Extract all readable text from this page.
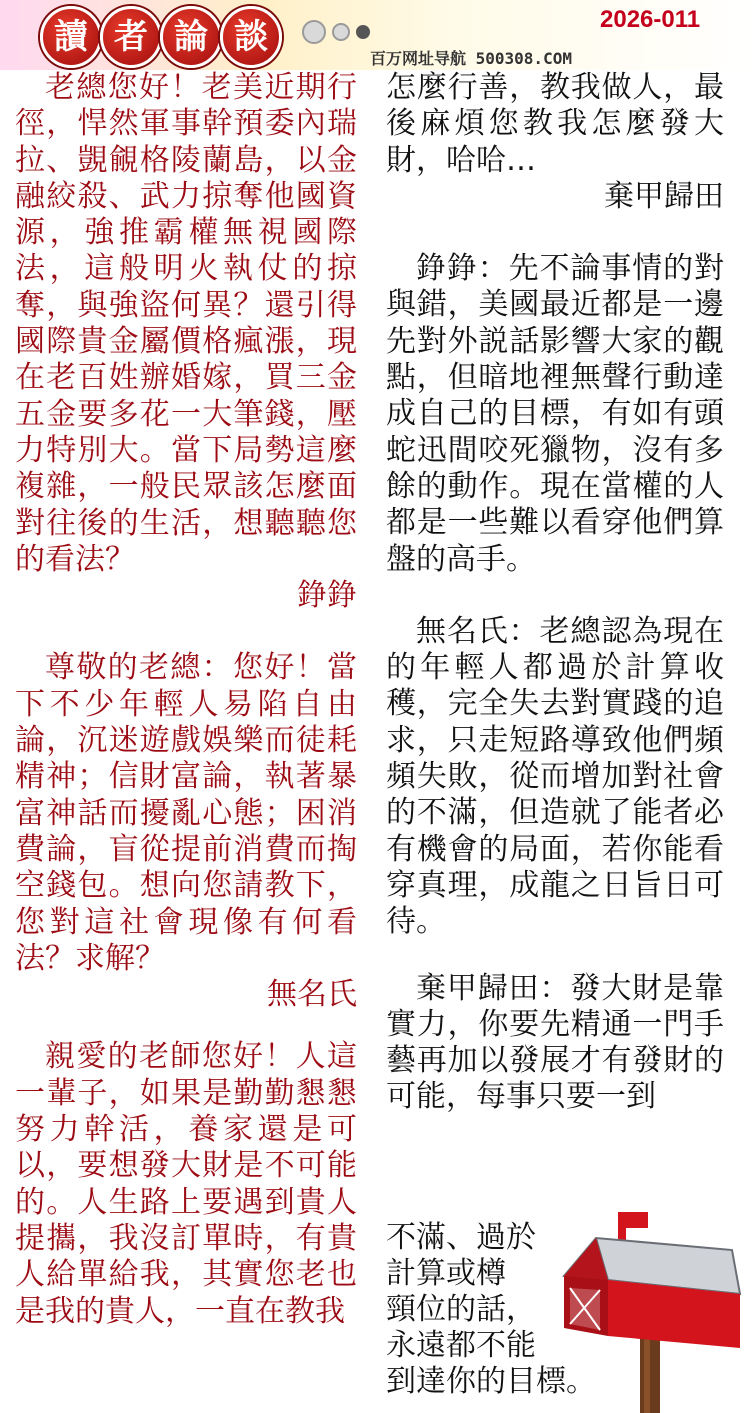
讀 者 論 談	2026-011
百万网址导航 500308.COM

老總您好！老美近期行徑，悍然軍事幹預委內瑞拉、覬覦格陵蘭島，以金融絞殺、武力掠奪他國資源，強推霸權無視國際法，這般明火執仗的掠奪，與強盜何異？還引得國際貴金屬價格瘋漲，現在老百姓辦婚嫁，買三金五金要多花一大筆錢，壓力特別大。當下局勢這麼複雜，一般民眾該怎麼面對往後的生活，想聽聽您的看法？

錚錚

尊敬的老總：您好！當下不少年輕人易陷自由論，沉迷遊戲娛樂而徒耗精神；信財富論，執著暴富神話而擾亂心態；困消費論，盲從提前消費而掏空錢包。想向您請教下，您對這社會現像有何看法？求解？

無名氏

親愛的老師您好！人這一輩子，如果是勤勤懇懇努力幹活，養家還是可以，要想發大財是不可能的。人生路上要遇到貴人提攜，我沒訂單時，有貴人給單給我，其實您老也是我的貴人，一直在教我

怎麼行善，教我做人，最後麻煩您教我怎麼發大財，哈哈…

棄甲歸田

錚錚：先不論事情的對與錯，美國最近都是一邊先對外説話影響大家的觀點，但暗地裡無聲行動達成自己的目標，有如有頭蛇迅間咬死獵物，沒有多餘的動作。現在當權的人都是一些難以看穿他們算盤的高手。

無名氏：老總認為現在的年輕人都過於計算收穫，完全失去對實踐的追求，只走短路導致他們頻頻失敗，從而增加對社會的不滿，但造就了能者必有機會的局面，若你能看穿真理，成龍之日旨日可待。

棄甲歸田：發大財是靠實力，你要先精通一門手藝再加以發展才有發財的可能，每事只要一到

不滿、過於
計算或樽
頸位的話，
永遠都不能
到達你的目標。
